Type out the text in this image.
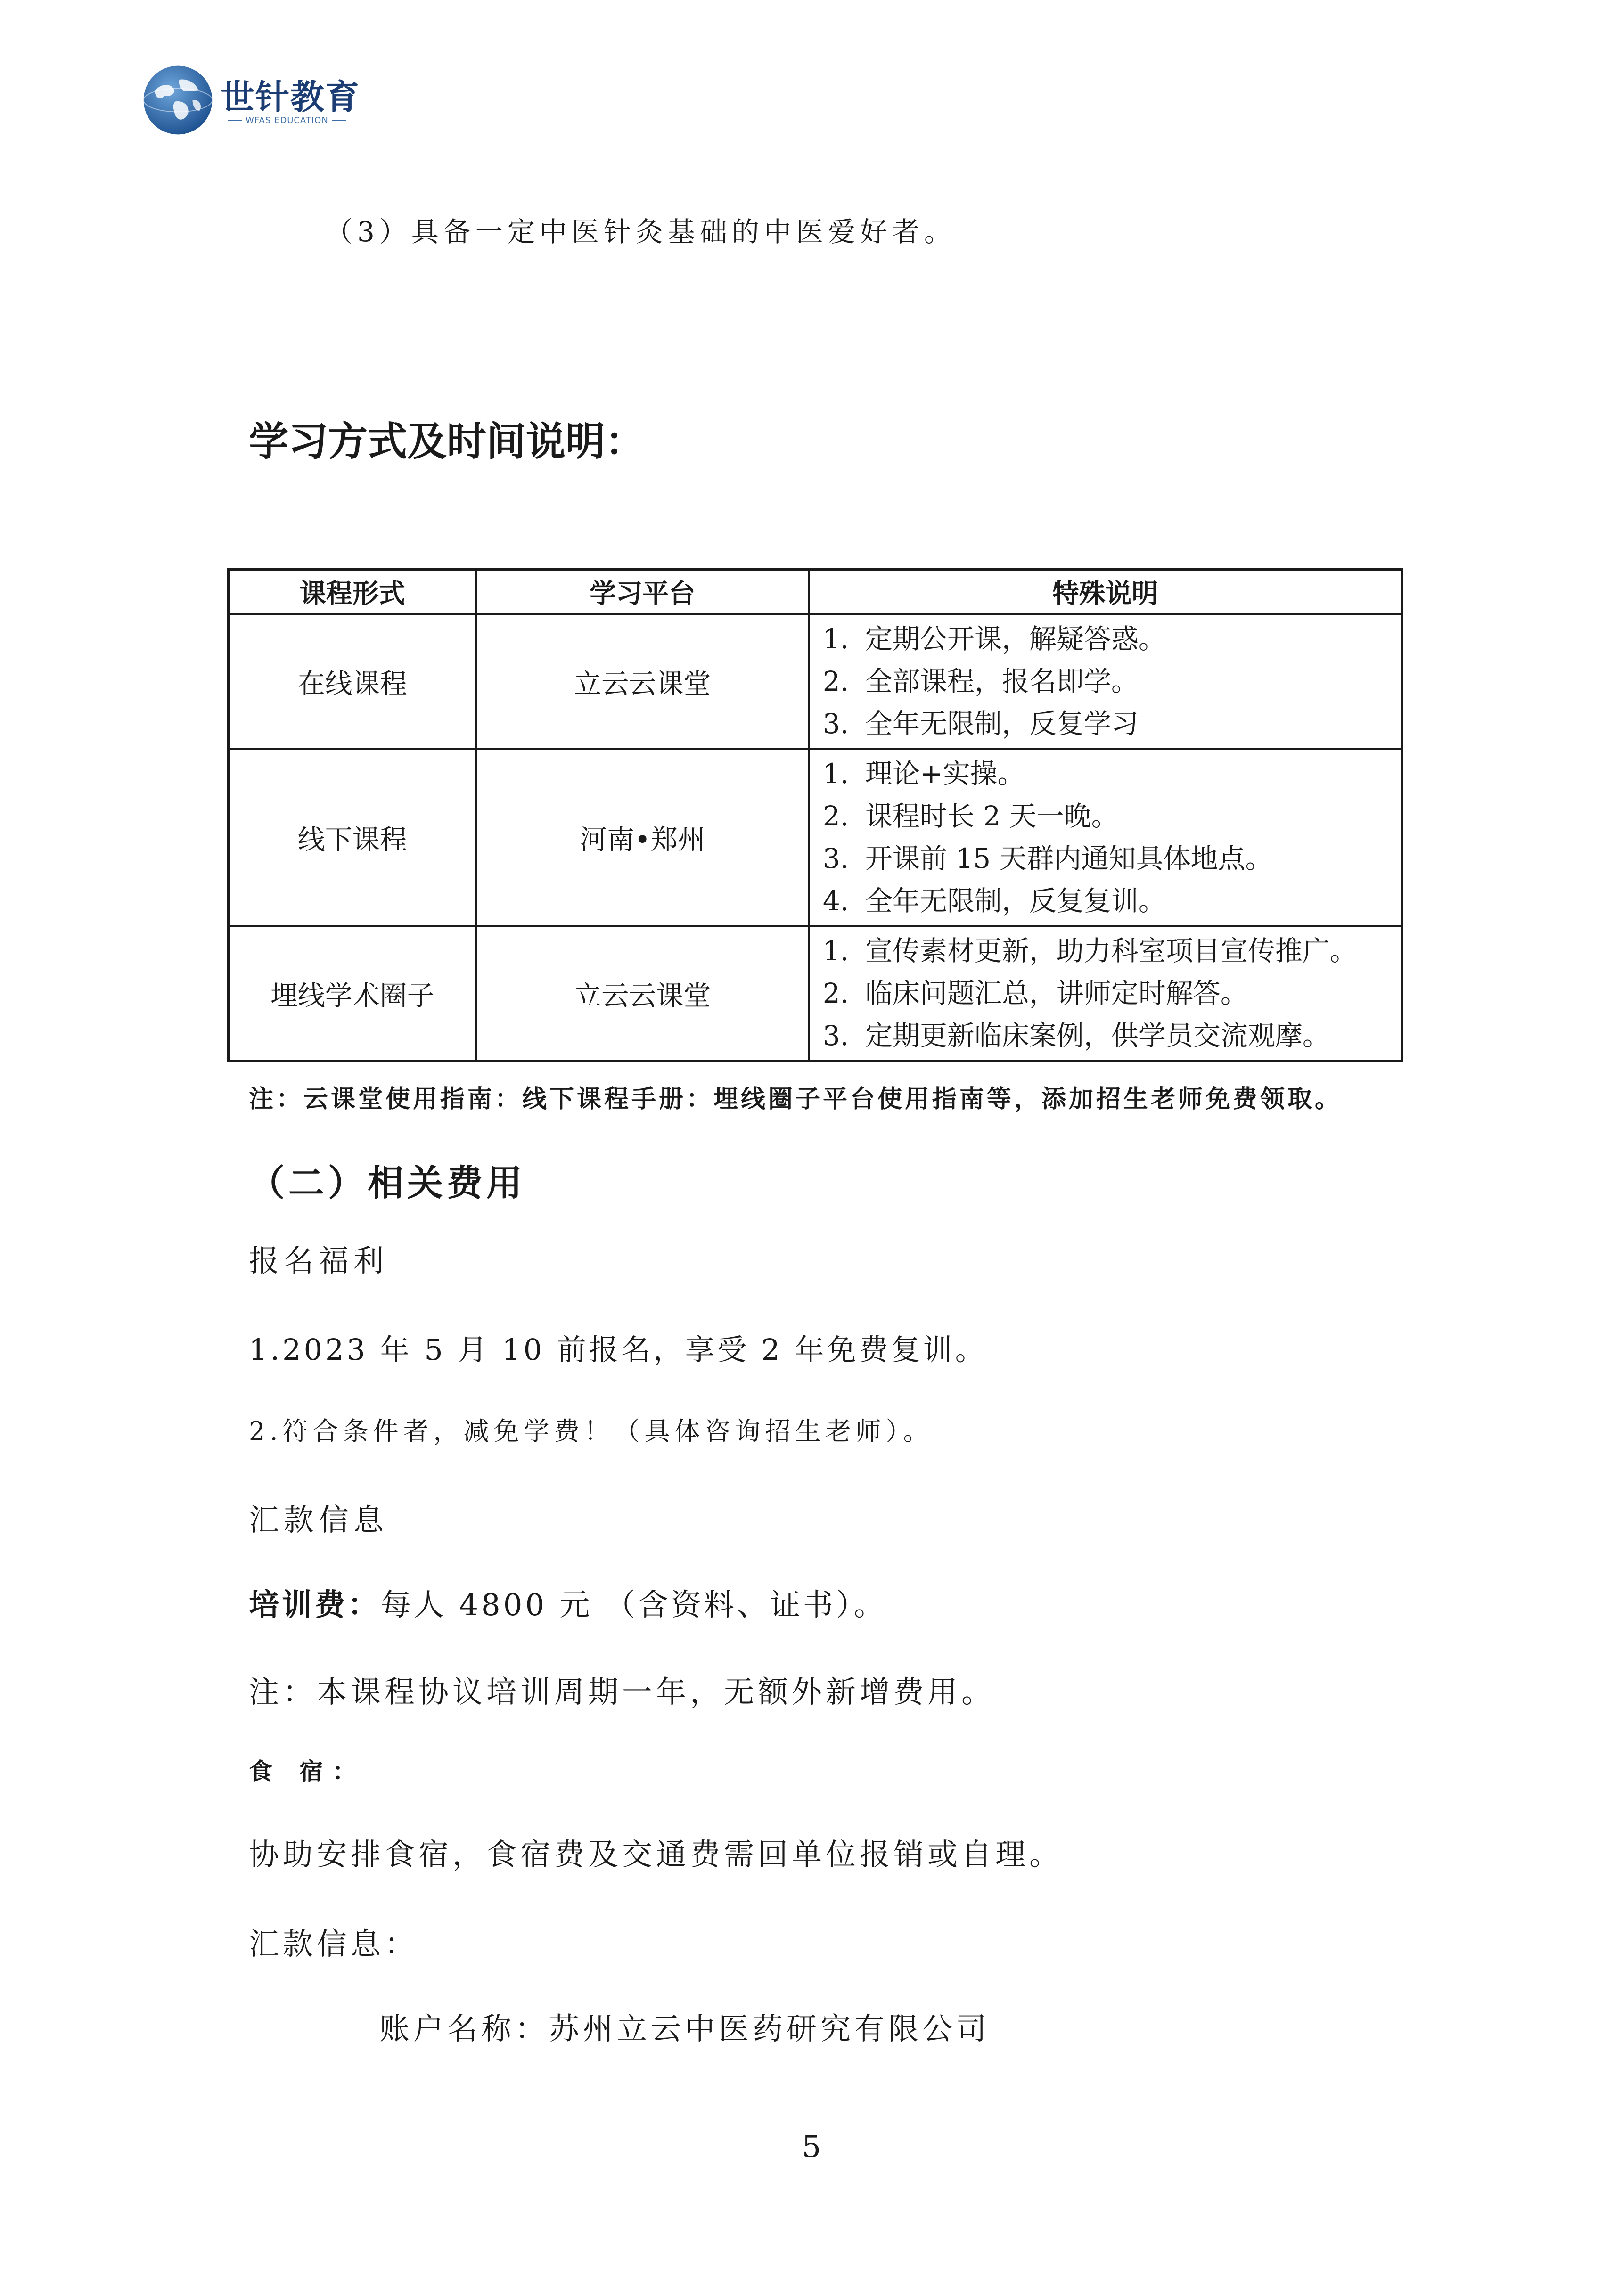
世针教育
WFAS EDUCATION
（3）具备一定中医针灸基础的中医爱好者。
学习方式及时间说明：
课程形式	学习平台	特殊说明
在线课程	立云云课堂	1. 定期公开课，解疑答惑。
2. 全部课程，报名即学。
3. 全年无限制，反复学习

线下课程	河南•郑州	1. 理论+实操。
2. 课程时长 2 天一晚。
3. 开课前 15 天群内通知具体地点。
4. 全年无限制，反复复训。

埋线学术圈子	立云云课堂	1. 宣传素材更新，助力科室项目宣传推广。
2. 临床问题汇总，讲师定时解答。
3. 定期更新临床案例，供学员交流观摩。
注：云课堂使用指南：线下课程手册：埋线圈子平台使用指南等，添加招生老师免费领取。
（二）相关费用
报名福利
1.2023 年 5 月 10 前报名，享受 2 年免费复训。
2.符合条件者，减免学费！（具体咨询招生老师）。
汇款信息
培训费：每人 4800 元 （含资料、证书）。
注：本课程协议培训周期一年，无额外新增费用。
食 宿：
协助安排食宿，食宿费及交通费需回单位报销或自理。
汇款信息：
账户名称：苏州立云中医药研究有限公司
5
